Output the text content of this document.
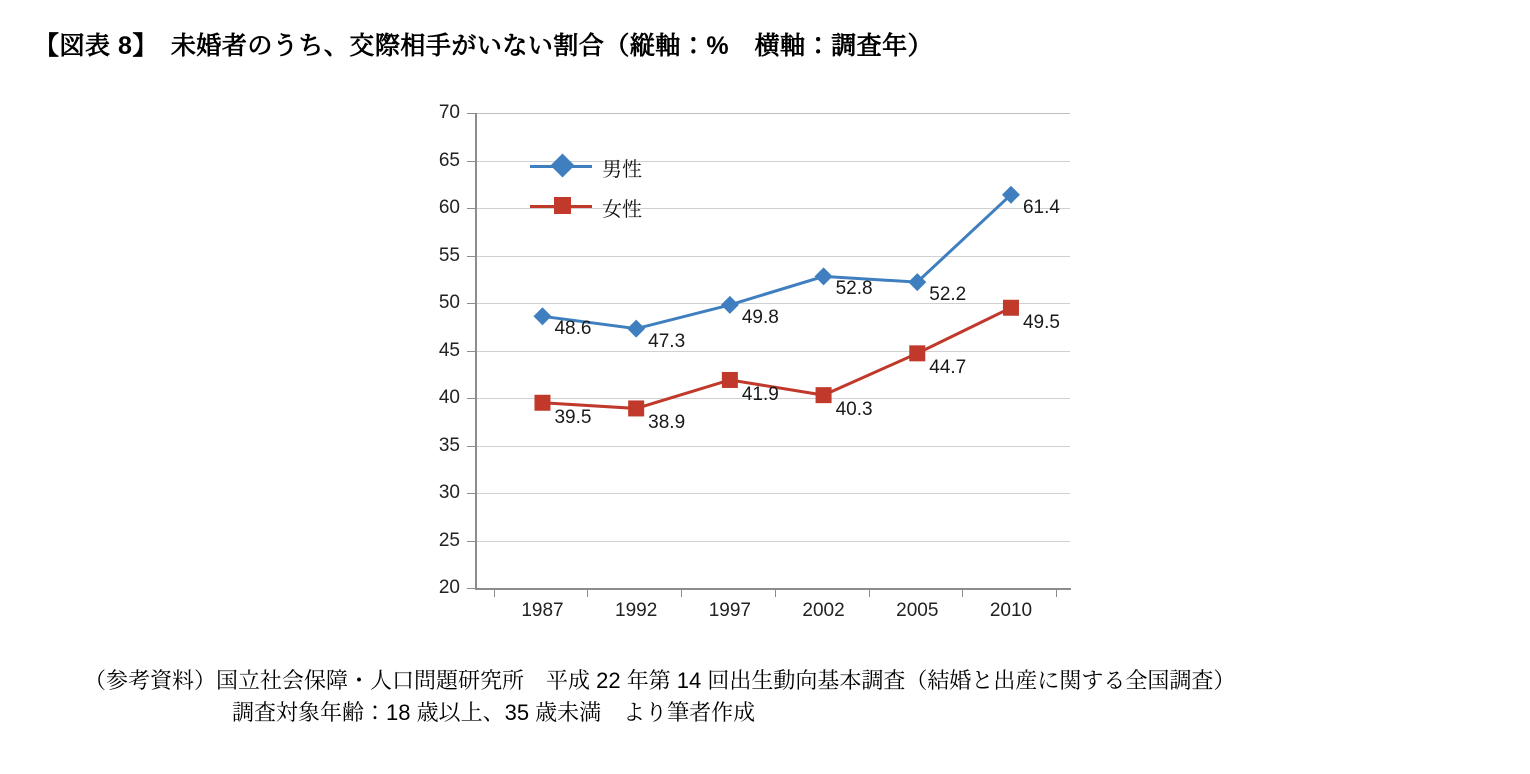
【図表 8】　未婚者のうち、交際相手がいない割合（縦軸：%　横軸：調査年）
男性
女性
70
65
60
55
50
45
40
35
30
25
20
1987	1992	1997	2002	2005	2010
48.6
47.3
49.8
52.8	52.2
61.4
39.5	38.9
41.9
40.3
44.7
49.5
（参考資料）国立社会保障・人口問題研究所　平成 22 年第 14 回出生動向基本調査（結婚と出産に関する全国調査）
調査対象年齢：18 歳以上、35 歳未満　より筆者作成
